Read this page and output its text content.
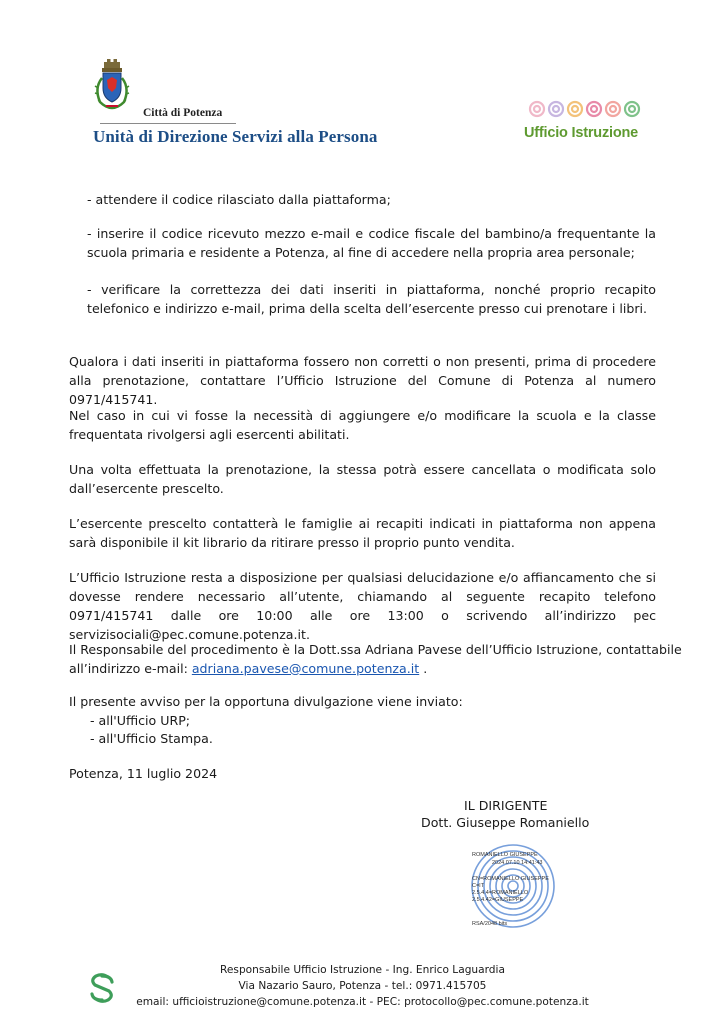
Città di Potenza
Unità di Direzione Servizi alla Persona	Ufficio Istruzione

- attendere il codice rilasciato dalla piattaforma;

- inserire il codice ricevuto mezzo e-mail e codice fiscale del bambino/a frequentante la scuola primaria e residente a Potenza, al fine di accedere nella propria area personale;

- verificare la correttezza dei dati inseriti in piattaforma, nonché proprio recapito telefonico e indirizzo e-mail, prima della scelta dell’esercente presso cui prenotare i libri.

Qualora i dati inseriti in piattaforma fossero non corretti o non presenti, prima di procedere alla prenotazione, contattare l’Ufficio Istruzione del Comune di Potenza al numero 0971/415741.

Nel caso in cui vi fosse la necessità di aggiungere e/o modificare la scuola e la classe frequentata rivolgersi agli esercenti abilitati.

Una volta effettuata la prenotazione, la stessa potrà essere cancellata o modificata solo dall’esercente prescelto.

L’esercente prescelto contatterà le famiglie ai recapiti indicati in piattaforma non appena sarà disponibile il kit librario da ritirare presso il proprio punto vendita.

L’Ufficio Istruzione resta a disposizione per qualsiasi delucidazione e/o affiancamento che si dovesse rendere necessario all’utente, chiamando al seguente recapito telefono 0971/415741 dalle ore 10:00 alle ore 13:00 o scrivendo all’indirizzo pec servizisociali@pec.comune.potenza.it.

Il Responsabile del procedimento è la Dott.ssa Adriana Pavese dell’Ufficio Istruzione, contattabile
all’indirizzo e-mail: adriana.pavese@comune.potenza.it .

Il presente avviso per la opportuna divulgazione viene inviato:

- all'Ufficio URP;
- all'Ufficio Stampa.

Potenza, 11 luglio 2024

IL DIRIGENTE
Dott. Giuseppe Romaniello
ROMANIELLO GIUSEPPE
2024.07.10 14:41:43
CN=ROMANIELLO GIUSEPPE
C=IT
2.5.4.4=ROMANIELLO
2.5.4.42=GIUSEPPE
RSA/2048 bits
Responsabile Ufficio Istruzione - Ing. Enrico Laguardia
Via Nazario Sauro, Potenza - tel.: 0971.415705
email: ufficioistruzione@comune.potenza.it - PEC: protocollo@pec.comune.potenza.it
